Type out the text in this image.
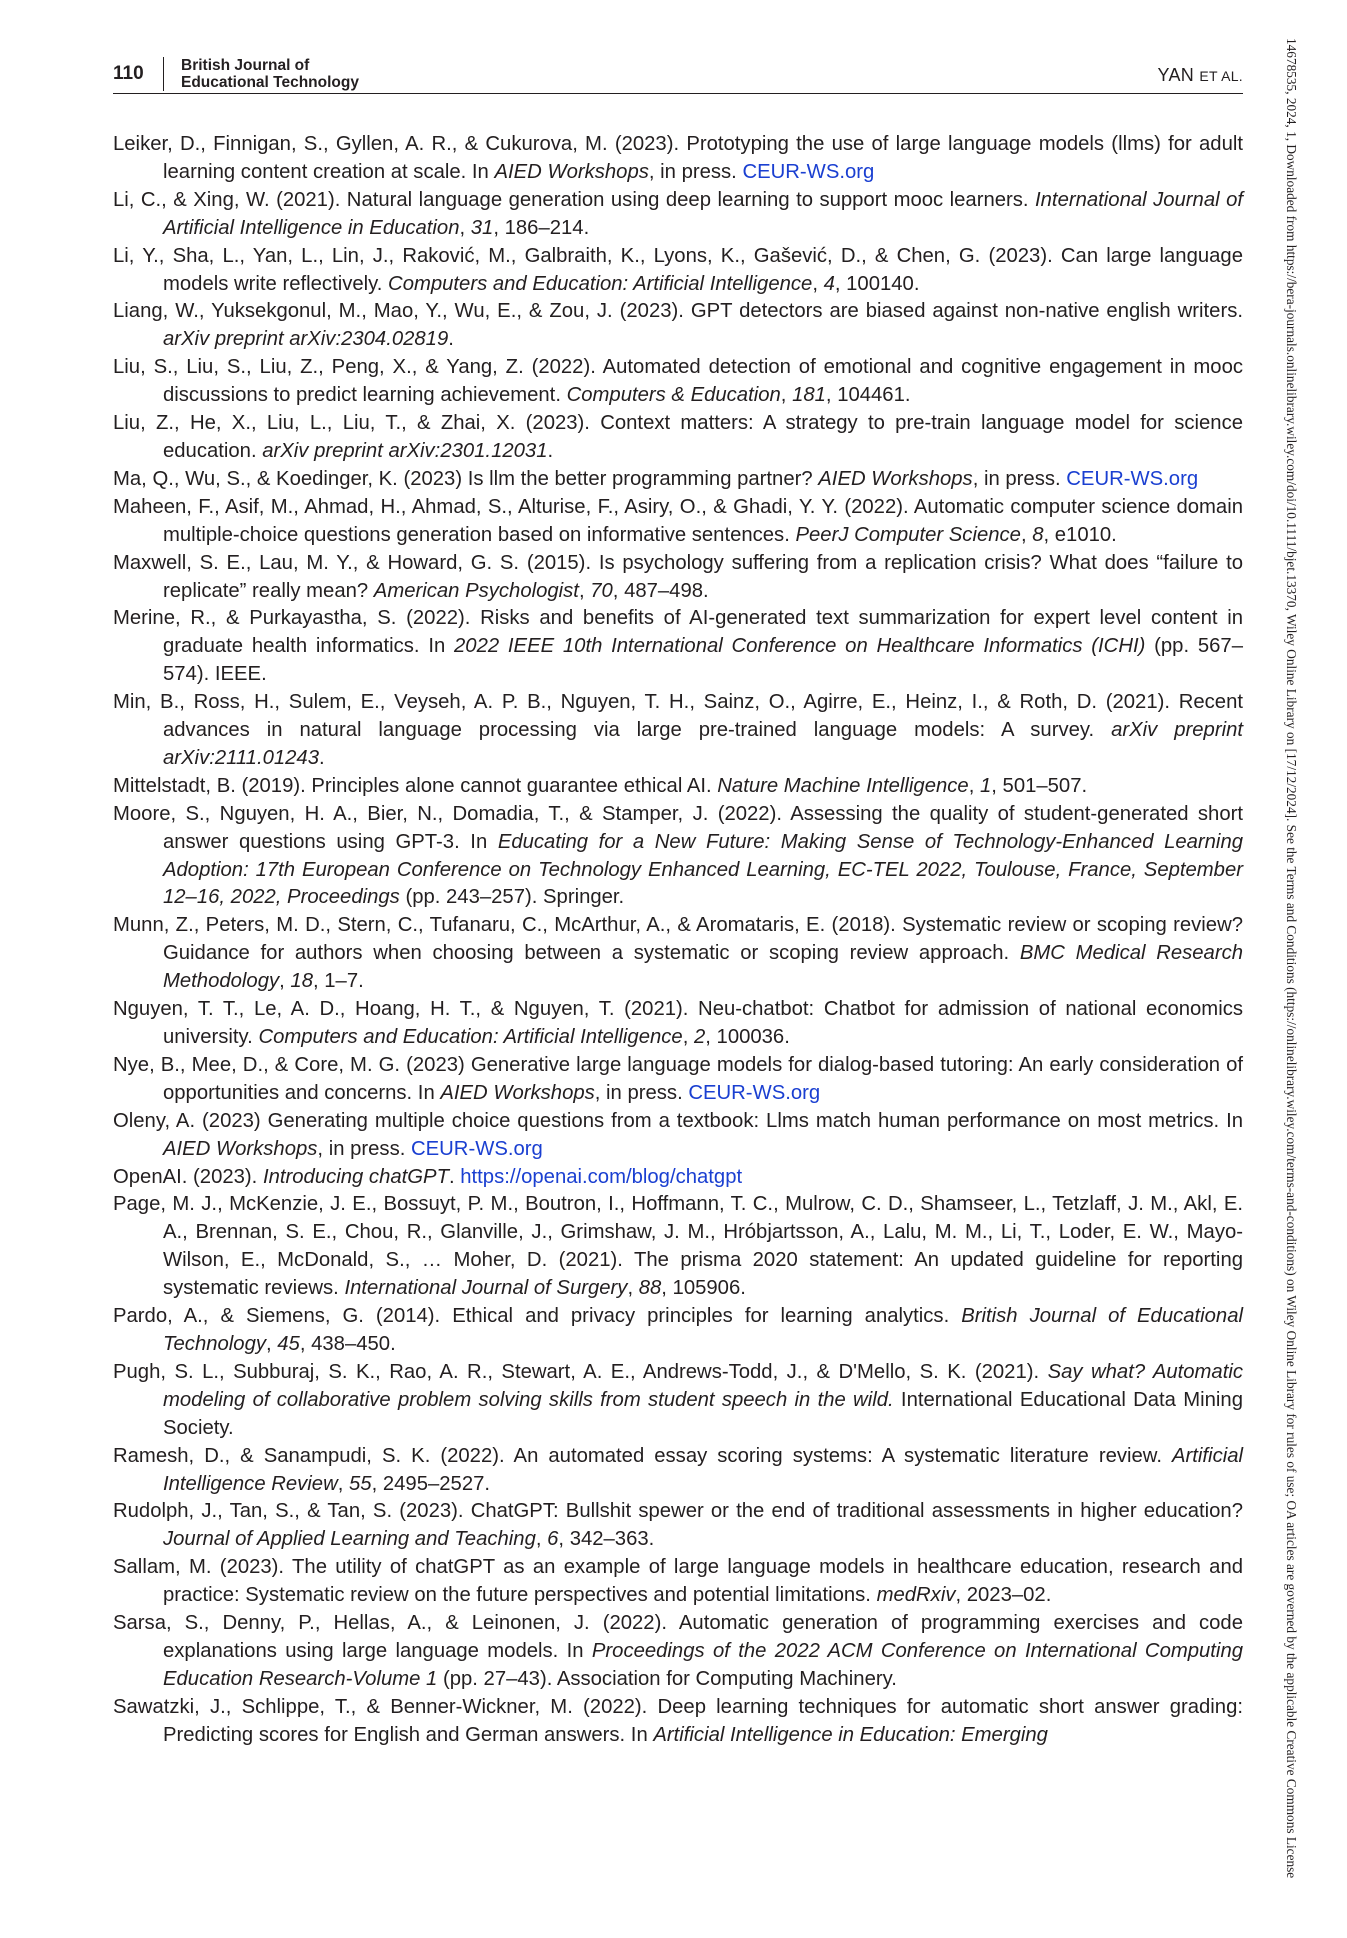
110 British Journal of
Educational Technology	YAN ET AL.

Leiker, D., Finnigan, S., Gyllen, A. R., & Cukurova, M. (2023). Prototyping the use of large language models (llms) for adult learning content creation at scale. In AIED Workshops, in press. CEUR-WS.org

Li, C., & Xing, W. (2021). Natural language generation using deep learning to support mooc learners. International Journal of Artificial Intelligence in Education, 31, 186–214.

Li, Y., Sha, L., Yan, L., Lin, J., Raković, M., Galbraith, K., Lyons, K., Gašević, D., & Chen, G. (2023). Can large language models write reflectively. Computers and Education: Artificial Intelligence, 4, 100140.

Liang, W., Yuksekgonul, M., Mao, Y., Wu, E., & Zou, J. (2023). GPT detectors are biased against non-native english writers. arXiv preprint arXiv:2304.02819.

Liu, S., Liu, S., Liu, Z., Peng, X., & Yang, Z. (2022). Automated detection of emotional and cognitive engagement in mooc discussions to predict learning achievement. Computers & Education, 181, 104461.

Liu, Z., He, X., Liu, L., Liu, T., & Zhai, X. (2023). Context matters: A strategy to pre-train language model for science education. arXiv preprint arXiv:2301.12031.

Ma, Q., Wu, S., & Koedinger, K. (2023) Is llm the better programming partner? AIED Workshops, in press. CEUR-WS.org

Maheen, F., Asif, M., Ahmad, H., Ahmad, S., Alturise, F., Asiry, O., & Ghadi, Y. Y. (2022). Automatic computer science domain multiple-choice questions generation based on informative sentences. PeerJ Computer Science, 8, e1010.

Maxwell, S. E., Lau, M. Y., & Howard, G. S. (2015). Is psychology suffering from a replication crisis? What does “failure to replicate” really mean? American Psychologist, 70, 487–498.

Merine, R., & Purkayastha, S. (2022). Risks and benefits of AI-generated text summarization for expert level content in graduate health informatics. In 2022 IEEE 10th International Conference on Healthcare Informatics (ICHI) (pp. 567–574). IEEE.

Min, B., Ross, H., Sulem, E., Veyseh, A. P. B., Nguyen, T. H., Sainz, O., Agirre, E., Heinz, I., & Roth, D. (2021). Recent advances in natural language processing via large pre-trained language models: A survey. arXiv preprint arXiv:2111.01243.

Mittelstadt, B. (2019). Principles alone cannot guarantee ethical AI. Nature Machine Intelligence, 1, 501–507.

Moore, S., Nguyen, H. A., Bier, N., Domadia, T., & Stamper, J. (2022). Assessing the quality of student-generated short answer questions using GPT-3. In Educating for a New Future: Making Sense of Technology-Enhanced Learning Adoption: 17th European Conference on Technology Enhanced Learning, EC-TEL 2022, Toulouse, France, September 12–16, 2022, Proceedings (pp. 243–257). Springer.

Munn, Z., Peters, M. D., Stern, C., Tufanaru, C., McArthur, A., & Aromataris, E. (2018). Systematic review or scoping review? Guidance for authors when choosing between a systematic or scoping review approach. BMC Medical Research Methodology, 18, 1–7.

Nguyen, T. T., Le, A. D., Hoang, H. T., & Nguyen, T. (2021). Neu-chatbot: Chatbot for admission of national economics university. Computers and Education: Artificial Intelligence, 2, 100036.

Nye, B., Mee, D., & Core, M. G. (2023) Generative large language models for dialog-based tutoring: An early consideration of opportunities and concerns. In AIED Workshops, in press. CEUR-WS.org

Oleny, A. (2023) Generating multiple choice questions from a textbook: Llms match human performance on most metrics. In AIED Workshops, in press. CEUR-WS.org

OpenAI. (2023). Introducing chatGPT. https://openai.com/blog/chatgpt

Page, M. J., McKenzie, J. E., Bossuyt, P. M., Boutron, I., Hoffmann, T. C., Mulrow, C. D., Shamseer, L., Tetzlaff, J. M., Akl, E. A., Brennan, S. E., Chou, R., Glanville, J., Grimshaw, J. M., Hróbjartsson, A., Lalu, M. M., Li, T., Loder, E. W., Mayo-Wilson, E., McDonald, S., … Moher, D. (2021). The prisma 2020 statement: An updated guideline for reporting systematic reviews. International Journal of Surgery, 88, 105906.

Pardo, A., & Siemens, G. (2014). Ethical and privacy principles for learning analytics. British Journal of Educational Technology, 45, 438–450.

Pugh, S. L., Subburaj, S. K., Rao, A. R., Stewart, A. E., Andrews-Todd, J., & D'Mello, S. K. (2021). Say what? Automatic modeling of collaborative problem solving skills from student speech in the wild. International Educational Data Mining Society.

Ramesh, D., & Sanampudi, S. K. (2022). An automated essay scoring systems: A systematic literature review. Artificial Intelligence Review, 55, 2495–2527.

Rudolph, J., Tan, S., & Tan, S. (2023). ChatGPT: Bullshit spewer or the end of traditional assessments in higher education? Journal of Applied Learning and Teaching, 6, 342–363.

Sallam, M. (2023). The utility of chatGPT as an example of large language models in healthcare education, research and practice: Systematic review on the future perspectives and potential limitations. medRxiv, 2023–02.

Sarsa, S., Denny, P., Hellas, A., & Leinonen, J. (2022). Automatic generation of programming exercises and code explanations using large language models. In Proceedings of the 2022 ACM Conference on International Computing Education Research-Volume 1 (pp. 27–43). Association for Computing Machinery.

Sawatzki, J., Schlippe, T., & Benner-Wickner, M. (2022). Deep learning techniques for automatic short answer grading: Predicting scores for English and German answers. In Artificial Intelligence in Education: Emerging	14678535, 2024, 1, Downloaded from https://bera-journals.onlinelibrary.wiley.com/doi/10.1111/bjet.13370, Wiley Online Library on [17/12/2024]. See the Terms and Conditions (https://onlinelibrary.wiley.com/terms-and-conditions) on Wiley Online Library for rules of use; OA articles are governed by the applicable Creative Commons License
